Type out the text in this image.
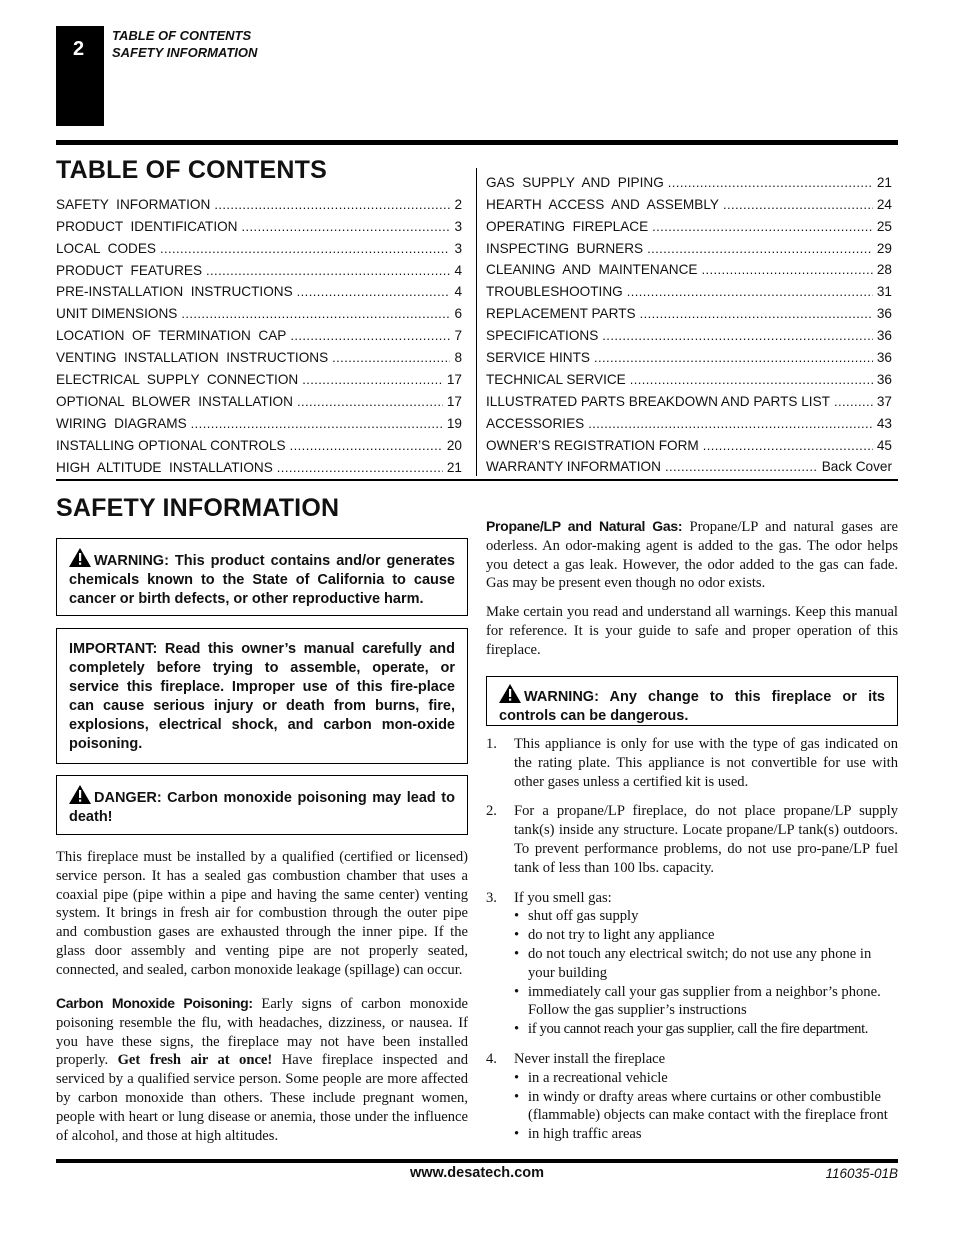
2
TABLE OF CONTENTS
SAFETY INFORMATION
TABLE OF CONTENTS
SAFETY  INFORMATION .....	2
PRODUCT  IDENTIFICATION .....	3
LOCAL  CODES .....	3
PRODUCT  FEATURES .....	4
PRE-INSTALLATION  INSTRUCTIONS .....	4
UNIT DIMENSIONS .....	6
LOCATION  OF  TERMINATION  CAP .....	7
VENTING  INSTALLATION  INSTRUCTIONS .....	8
ELECTRICAL  SUPPLY  CONNECTION .....	17
OPTIONAL  BLOWER  INSTALLATION .....	17
WIRING  DIAGRAMS .....	19
INSTALLING OPTIONAL CONTROLS .....	20
HIGH  ALTITUDE  INSTALLATIONS .....	21
GAS  SUPPLY  AND  PIPING .....	21
HEARTH  ACCESS  AND  ASSEMBLY .....	24
OPERATING  FIREPLACE .....	25
INSPECTING  BURNERS .....	29
CLEANING  AND  MAINTENANCE .....	28
TROUBLESHOOTING .....	31
REPLACEMENT PARTS .....	36
SPECIFICATIONS .....	36
SERVICE HINTS .....	36
TECHNICAL SERVICE .....	36
ILLUSTRATED PARTS BREAKDOWN AND PARTS LIST .....	37
ACCESSORIES .....	43
OWNER’S REGISTRATION FORM .....	45
WARRANTY INFORMATION .....	Back Cover
SAFETY INFORMATION
WARNING: This product contains and/or generates chemicals known to the State of California to cause cancer or birth defects, or other reproductive harm.
IMPORTANT: Read this owner’s manual carefully and completely before trying to assemble, operate, or service this fireplace. Improper use of this fire-place can cause serious injury or death from burns, fire, explosions, electrical shock, and carbon mon-oxide poisoning.
DANGER: Carbon monoxide poisoning may lead to death!

This fireplace must be installed by a qualified (certified or licensed) service person. It has a sealed gas combustion chamber that uses a coaxial pipe (pipe within a pipe and having the same center) venting system. It brings in fresh air for combustion through the outer pipe and combustion gases are exhausted through the inner pipe. If the glass door assembly and venting pipe are not properly seated, connected, and sealed, carbon monoxide leakage (spillage) can occur.

Carbon Monoxide Poisoning: Early signs of carbon monoxide poisoning resemble the flu, with headaches, dizziness, or nausea. If you have these signs, the fireplace may not have been installed properly. Get fresh air at once! Have fireplace inspected and serviced by a qualified service person. Some people are more affected by carbon monoxide than others. These include pregnant women, people with heart or lung disease or anemia, those under the influence of alcohol, and those at high altitudes.

Propane/LP and Natural Gas: Propane/LP and natural gases are oderless. An odor-making agent is added to the gas. The odor helps you detect a gas leak. However, the odor added to the gas can fade. Gas may be present even though no odor exists.

Make certain you read and understand all warnings. Keep this manual for reference. It is your guide to safe and proper operation of this fireplace.

WARNING: Any change to this fireplace or its controls can be dangerous.
1. This appliance is only for use with the type of gas indicated on the rating plate. This appliance is not convertible for use with other gases unless a certified kit is used.
2. For a propane/LP fireplace, do not place propane/LP supply tank(s) inside any structure. Locate propane/LP tank(s) outdoors. To prevent performance problems, do not use pro-pane/LP fuel tank of less than 100 lbs. capacity.
3. If you smell gas:
• shut off gas supply
• do not try to light any appliance
• do not touch any electrical switch; do not use any phone in your building
• immediately call your gas supplier from a neighbor’s phone. Follow the gas supplier’s instructions
• if you cannot reach your gas supplier, call the fire department.
4. Never install the fireplace
• in a recreational vehicle
• in windy or drafty areas where curtains or other combustible (flammable) objects can make contact with the fireplace front
• in high traffic areas
www.desatech.com	116035-01B
